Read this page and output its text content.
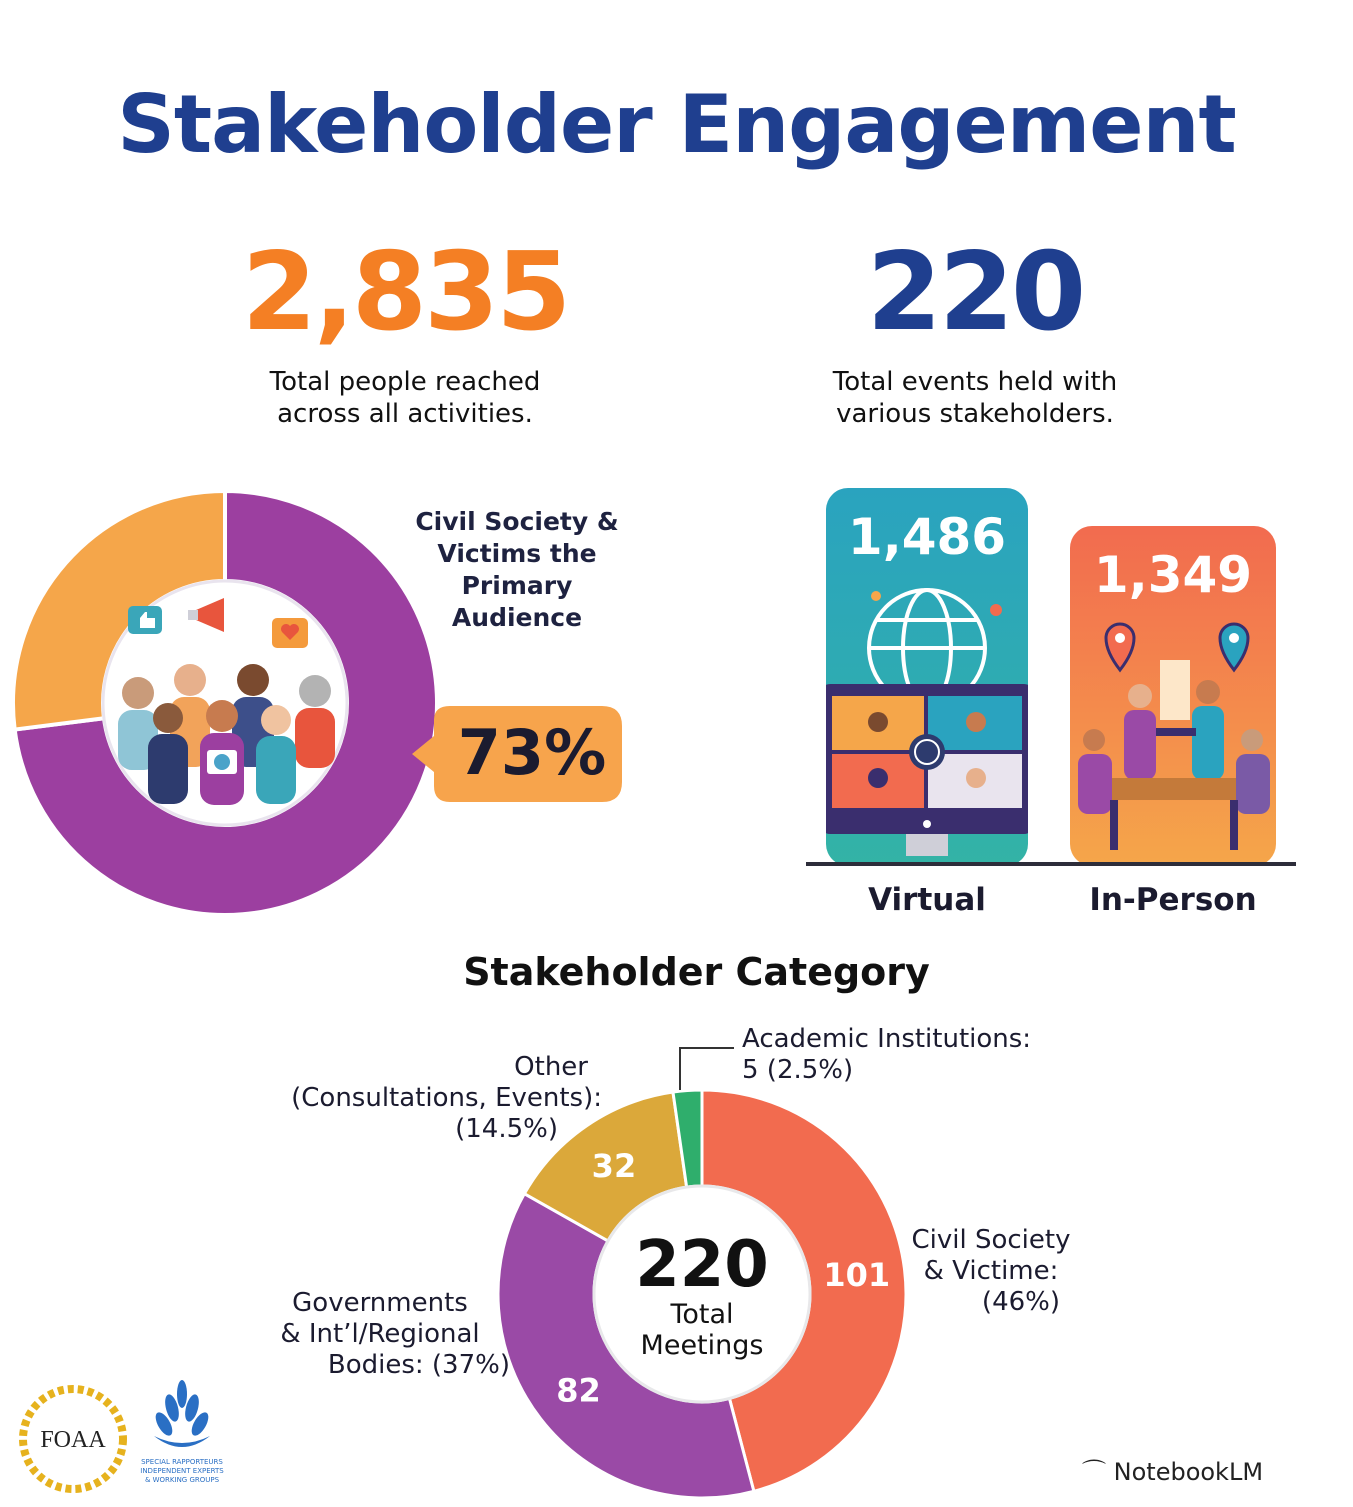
Stakeholder Engagement
2,835
Total people reached
across all activities.
220
Total events held with
various stakeholders.
Civil Society &
Victims the
Primary
Audience
73%
1,486
1,349
Virtual	In-Person
Stakeholder Category
101
82
32
220
Total
Meetings
Academic Institutions:
5 (2.5%)
Other
(Consultations, Events):
(14.5%)
Civil Society
& Victime:
(46%)
Governments
& Int’l/Regional
Bodies: (37%)
FOAA
SPECIAL RAPPORTEURS
INDEPENDENT EXPERTS
& WORKING GROUPS	⌒ NotebookLM
